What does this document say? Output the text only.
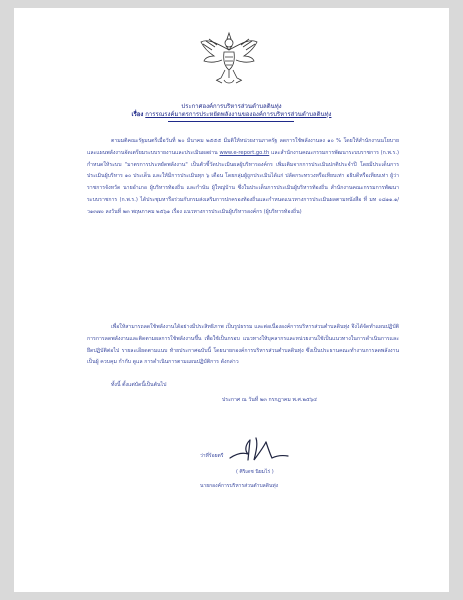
ประกาศองค์การบริหารส่วนตำบลดินทุ่ง
เรื่อง การรณรงค์มาตรการประหยัดพลังงานขององค์การบริหารส่วนตำบลดินทุ่ง
ตามมติคณะรัฐมนตรีเมื่อวันที่ ๒๐ มีนาคม ๒๕๕๕ มีมติให้หน่วยงานภาครัฐ ลดการใช้พลังงานลง ๑๐ % โดยให้สำนักงานนโยบายและแผนพลังงานจัดเตรียมระบบรายงานและประเมินผลผ่าน www.e-report.go.th และสำนักงานคณะกรรมการพัฒนาระบบราชการ (ก.พ.ร.) กำหนดให้ระบบ "มาตรการประหยัดพลังงาน" เป็นตัวชี้วัดประเมินผลผู้บริหารองค์กร เพิ่มเติมจากการประเมินปกติประจำปี โดยมีประเด็นการประเมินผู้บริหาร ๑๐ ประเด็น และให้มีการประเมินทุก ๖ เดือน โดยกลุ่มผู้ถูกประเมินได้แก่ ปลัดกระทรวงหรือเทียบเท่า อธิบดีหรือเทียบเท่า ผู้ว่าราชการจังหวัด นายอำเภอ ผู้บริหารท้องถิ่น และกำนัน ผู้ใหญ่บ้าน ซึ่งในประเด็นการประเมินผู้บริหารท้องถิ่น สำนักงานคณะกรรมการพัฒนาระบบราชการ (ก.พ.ร.) ได้ประชุมหารือร่วมกับกรมส่งเสริมการปกครองท้องถิ่นและกำหนดแนวทางการประเมินผลตามหนังสือ ที่ มท ๐๘๑๑.๑/ว๑๓๗๐ ลงวันที่ ๒๓ พฤษภาคม ๒๕๖๑ เรื่อง แนวทางการประเมินผู้บริหารองค์กร (ผู้บริหารท้องถิ่น)
เพื่อให้สามารถลดใช้พลังงานได้อย่างมีประสิทธิภาพ เป็นรูปธรรม และต่อเนื่ององค์การบริหารส่วนตำบลดินทุ่ง จึงได้จัดทำแผนปฏิบัติการการลดพลังงานและติดตามผลการใช้พลังงานขึ้น เพื่อใช้เป็นกรอบ แนวทางให้บุคลากรและหน่วยงานใช้เป็นแนวทางในการดำเนินการและยึดปฏิบัติต่อไป รายละเอียดตามแนบ ท้ายประกาศฉบับนี้ โดยนายกองค์การบริหารส่วนตำบลดินทุ่ง ซึ่งเป็นประธานคณะทำงานการลดพลังงาน เป็นผู้ ควบคุม กำกับ ดูแล การดำเนินการตามแผนปฏิบัติการ ดังกล่าว
ทั้งนี้ ตั้งแต่บัดนี้เป็นต้นไป
ประกาศ ณ วันที่ ๒๓ กรกฎาคม พ.ศ.๒๕๖๔
ว่าที่ร้อยตรี
( ศิริเดช นิยมไร่ )
นายกองค์การบริหารส่วนตำบลดินทุ่ง
